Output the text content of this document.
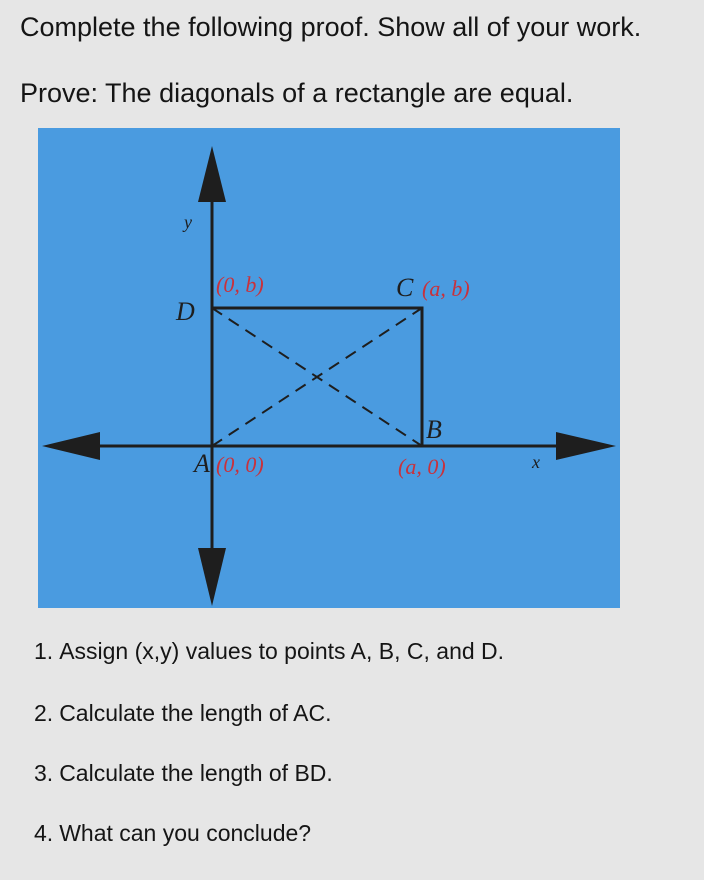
Complete the following proof. Show all of your work.

Prove: The diagonals of a rectangle are equal.

y
x
D
(0, b)	C (a, b)
A (0, 0)
B
(a, 0)
1. Assign (x,y) values to points A, B, C, and D.
2. Calculate the length of AC.
3. Calculate the length of BD.
4. What can you conclude?
